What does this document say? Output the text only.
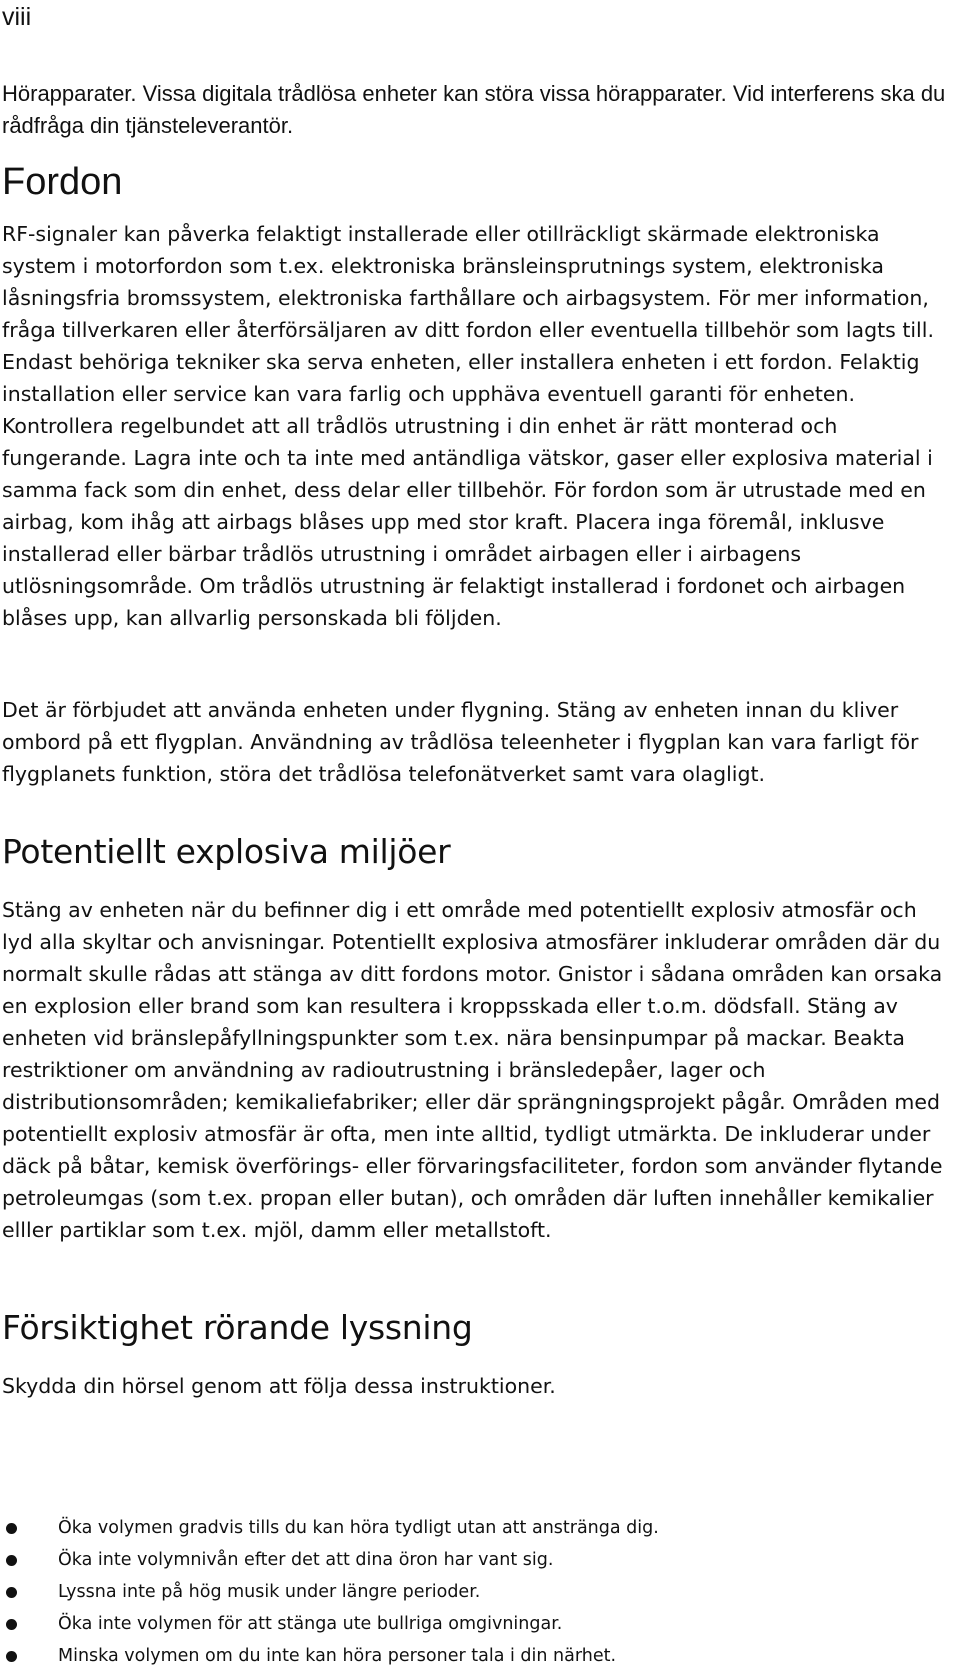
viii

Hörapparater. Vissa digitala trådlösa enheter kan störa vissa hörapparater. Vid interferens ska du rådfråga din tjänsteleverantör.

Fordon

RF-signaler kan påverka felaktigt installerade eller otillräckligt skärmade elektroniska system i motorfordon som t.ex. elektroniska bränsleinsprutnings system, elektroniska låsningsfria bromssystem, elektroniska farthållare och airbagsystem. För mer information, fråga tillverkaren eller återförsäljaren av ditt fordon eller eventuella tillbehör som lagts till. Endast behöriga tekniker ska serva enheten, eller installera enheten i ett fordon. Felaktig installation eller service kan vara farlig och upphäva eventuell garanti för enheten. Kontrollera regelbundet att all trådlös utrustning i din enhet är rätt monterad och fungerande. Lagra inte och ta inte med antändliga vätskor, gaser eller explosiva material i samma fack som din enhet, dess delar eller tillbehör. För fordon som är utrustade med en airbag, kom ihåg att airbags blåses upp med stor kraft. Placera inga föremål, inklusve installerad eller bärbar trådlös utrustning i området airbagen eller i airbagens utlösningsområde. Om trådlös utrustning är felaktigt installerad i fordonet och airbagen blåses upp, kan allvarlig personskada bli följden.

Det är förbjudet att använda enheten under flygning. Stäng av enheten innan du kliver ombord på ett flygplan. Användning av trådlösa teleenheter i flygplan kan vara farligt för flygplanets funktion, störa det trådlösa telefonätverket samt vara olagligt.

Potentiellt explosiva miljöer

Stäng av enheten när du befinner dig i ett område med potentiellt explosiv atmosfär och lyd alla skyltar och anvisningar. Potentiellt explosiva atmosfärer inkluderar områden där du normalt skulle rådas att stänga av ditt fordons motor. Gnistor i sådana områden kan orsaka en explosion eller brand som kan resultera i kroppsskada eller t.o.m. dödsfall. Stäng av enheten vid bränslepåfyllningspunkter som t.ex. nära bensinpumpar på mackar. Beakta restriktioner om användning av radioutrustning i bränsledepåer, lager och distributionsområden; kemikaliefabriker; eller där sprängningsprojekt pågår. Områden med potentiellt explosiv atmosfär är ofta, men inte alltid, tydligt utmärkta. De inkluderar under däck på båtar, kemisk överförings- eller förvaringsfaciliteter, fordon som använder flytande petroleumgas (som t.ex. propan eller butan), och områden där luften innehåller kemikalier elller partiklar som t.ex. mjöl, damm eller metallstoft.

Försiktighet rörande lyssning

Skydda din hörsel genom att följa dessa instruktioner.

Öka volymen gradvis tills du kan höra tydligt utan att anstränga dig.
Öka inte volymnivån efter det att dina öron har vant sig.
Lyssna inte på hög musik under längre perioder.
Öka inte volymen för att stänga ute bullriga omgivningar.
Minska volymen om du inte kan höra personer tala i din närhet.
